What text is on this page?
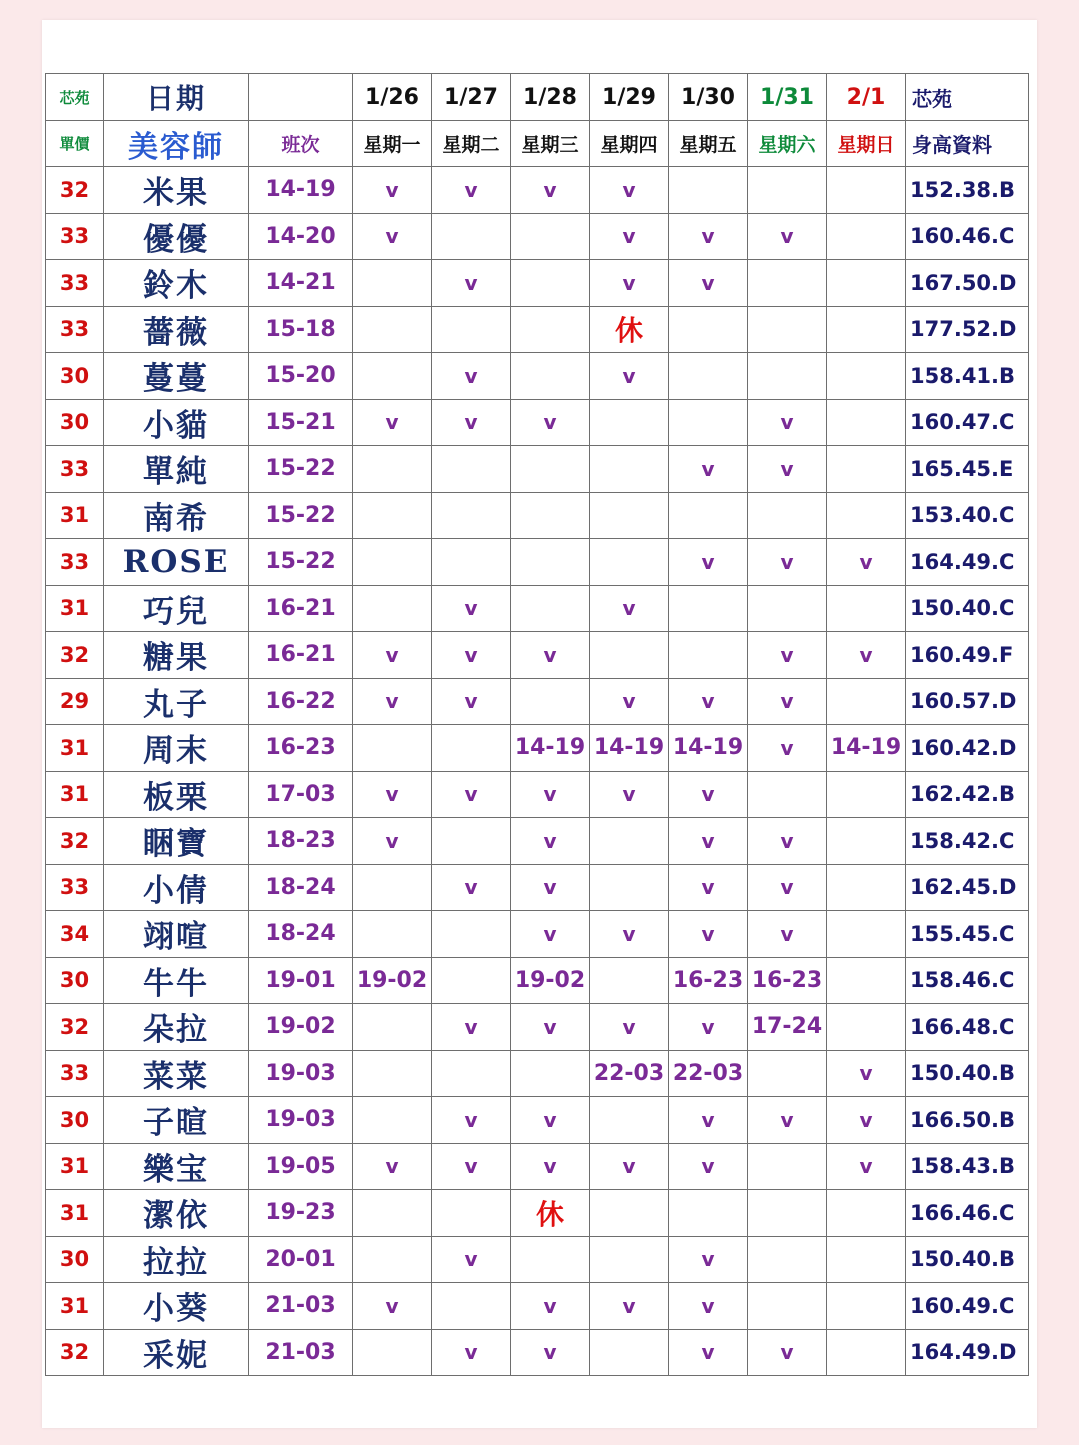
芯苑	日期		1/26	1/27	1/28	1/29	1/30	1/31	2/1	芯苑
單價	美容師	班次	星期一	星期二	星期三	星期四	星期五	星期六	星期日	身高資料
32	米果	14-19	v	v	v	v				152.38.B
33	優優	14-20	v			v	v	v		160.46.C
33	鈴木	14-21		v		v	v			167.50.D
33	薔薇	15-18				休				177.52.D
30	蔓蔓	15-20		v		v				158.41.B
30	小貓	15-21	v	v	v			v		160.47.C
33	單純	15-22					v	v		165.45.E
31	南希	15-22								153.40.C
33	ROSE	15-22					v	v	v	164.49.C
31	巧兒	16-21		v		v				150.40.C
32	糖果	16-21	v	v	v			v	v	160.49.F
29	丸子	16-22	v	v		v	v	v		160.57.D
31	周末	16-23			14-19	14-19	14-19	v	14-19	160.42.D
31	板栗	17-03	v	v	v	v	v			162.42.B
32	睏寶	18-23	v		v		v	v		158.42.C
33	小倩	18-24		v	v		v	v		162.45.D
34	翊喧	18-24			v	v	v	v		155.45.C
30	牛牛	19-01	19-02		19-02		16-23	16-23		158.46.C
32	朵拉	19-02		v	v	v	v	17-24		166.48.C
33	菜菜	19-03				22-03	22-03		v	150.40.B
30	子暄	19-03		v	v		v	v	v	166.50.B
31	樂宝	19-05	v	v	v	v	v		v	158.43.B
31	潔依	19-23			休					166.46.C
30	拉拉	20-01		v			v			150.40.B
31	小葵	21-03	v		v	v	v			160.49.C
32	采妮	21-03		v	v		v	v		164.49.D
